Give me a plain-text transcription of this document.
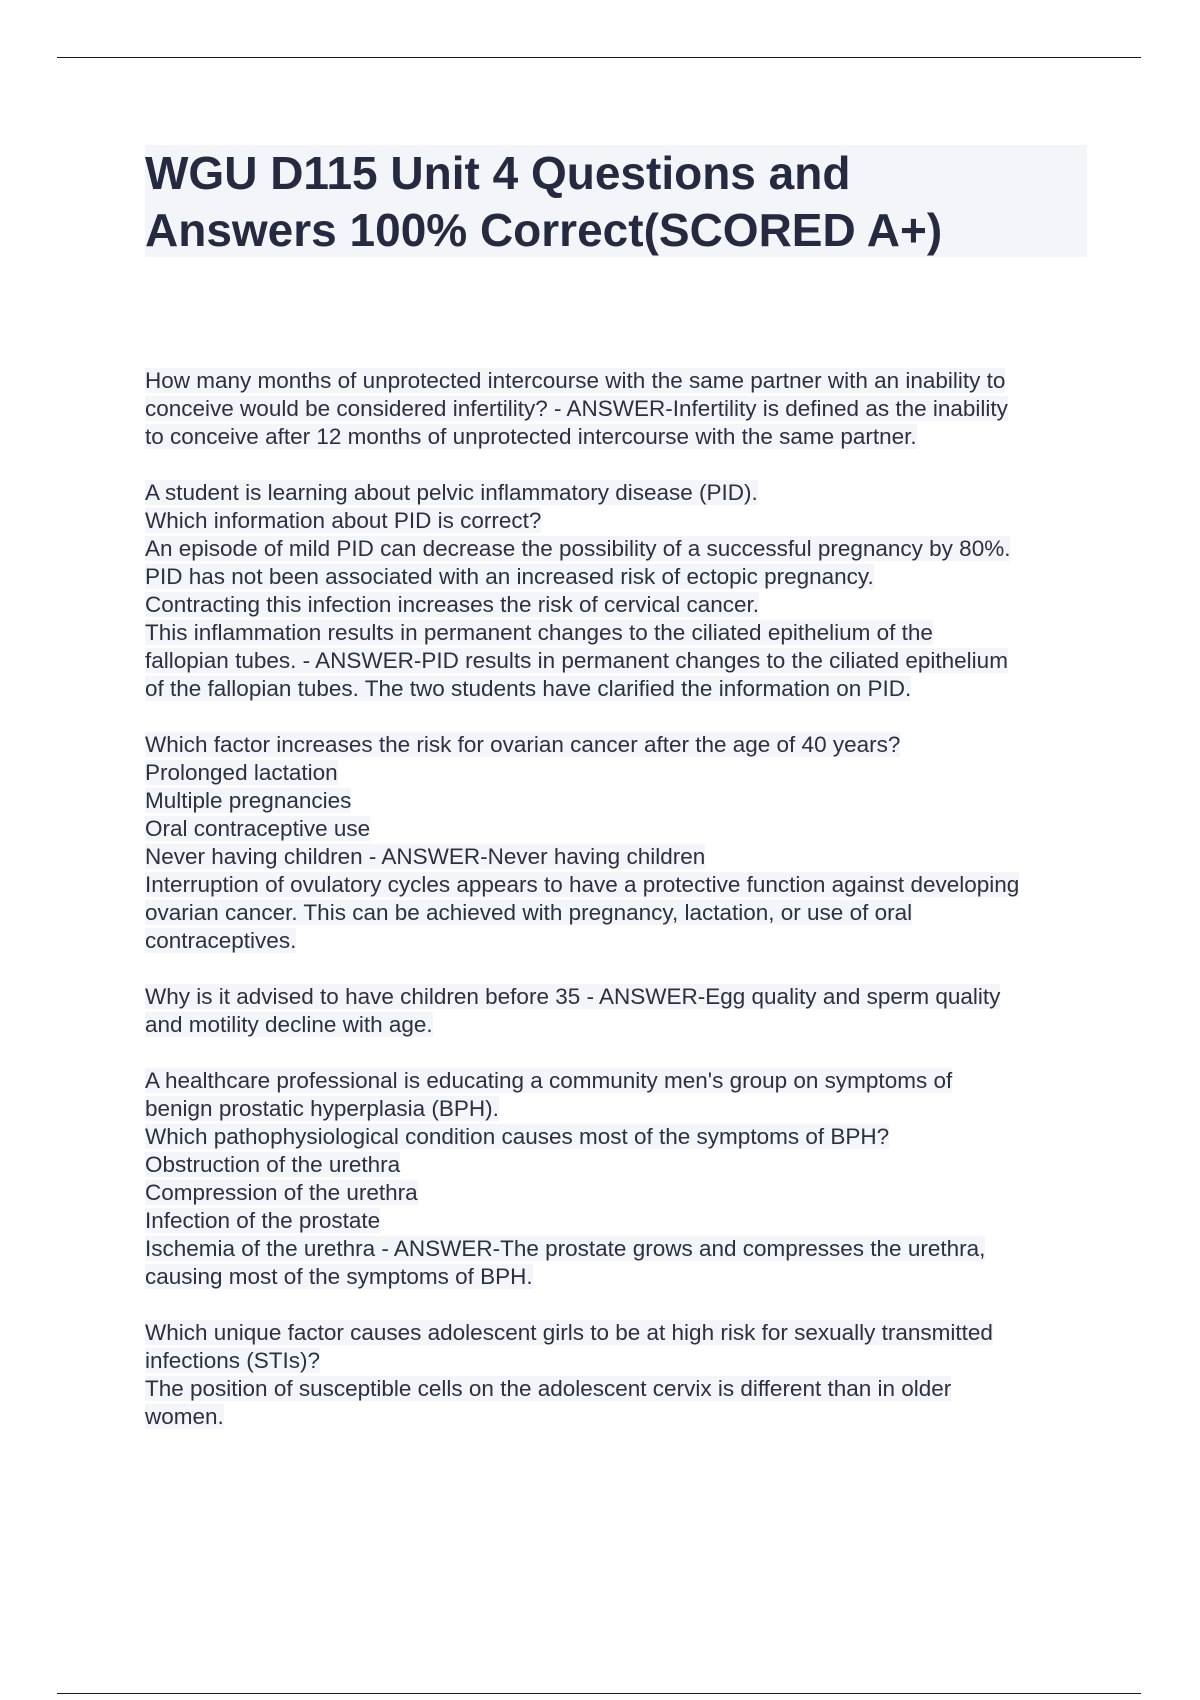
WGU D115 Unit 4 Questions and
Answers 100% Correct(SCORED A+)
How many months of unprotected intercourse with the same partner with an inability to
conceive would be considered infertility? - ANSWER-Infertility is defined as the inability
to conceive after 12 months of unprotected intercourse with the same partner.
A student is learning about pelvic inflammatory disease (PID).
Which information about PID is correct?
An episode of mild PID can decrease the possibility of a successful pregnancy by 80%.
PID has not been associated with an increased risk of ectopic pregnancy.
Contracting this infection increases the risk of cervical cancer.
This inflammation results in permanent changes to the ciliated epithelium of the
fallopian tubes. - ANSWER-PID results in permanent changes to the ciliated epithelium
of the fallopian tubes. The two students have clarified the information on PID.
Which factor increases the risk for ovarian cancer after the age of 40 years?
Prolonged lactation
Multiple pregnancies
Oral contraceptive use
Never having children - ANSWER-Never having children
Interruption of ovulatory cycles appears to have a protective function against developing
ovarian cancer. This can be achieved with pregnancy, lactation, or use of oral
contraceptives.
Why is it advised to have children before 35 - ANSWER-Egg quality and sperm quality
and motility decline with age.
A healthcare professional is educating a community men's group on symptoms of
benign prostatic hyperplasia (BPH).
Which pathophysiological condition causes most of the symptoms of BPH?
Obstruction of the urethra
Compression of the urethra
Infection of the prostate
Ischemia of the urethra - ANSWER-The prostate grows and compresses the urethra,
causing most of the symptoms of BPH.
Which unique factor causes adolescent girls to be at high risk for sexually transmitted
infections (STIs)?
The position of susceptible cells on the adolescent cervix is different than in older
women.
